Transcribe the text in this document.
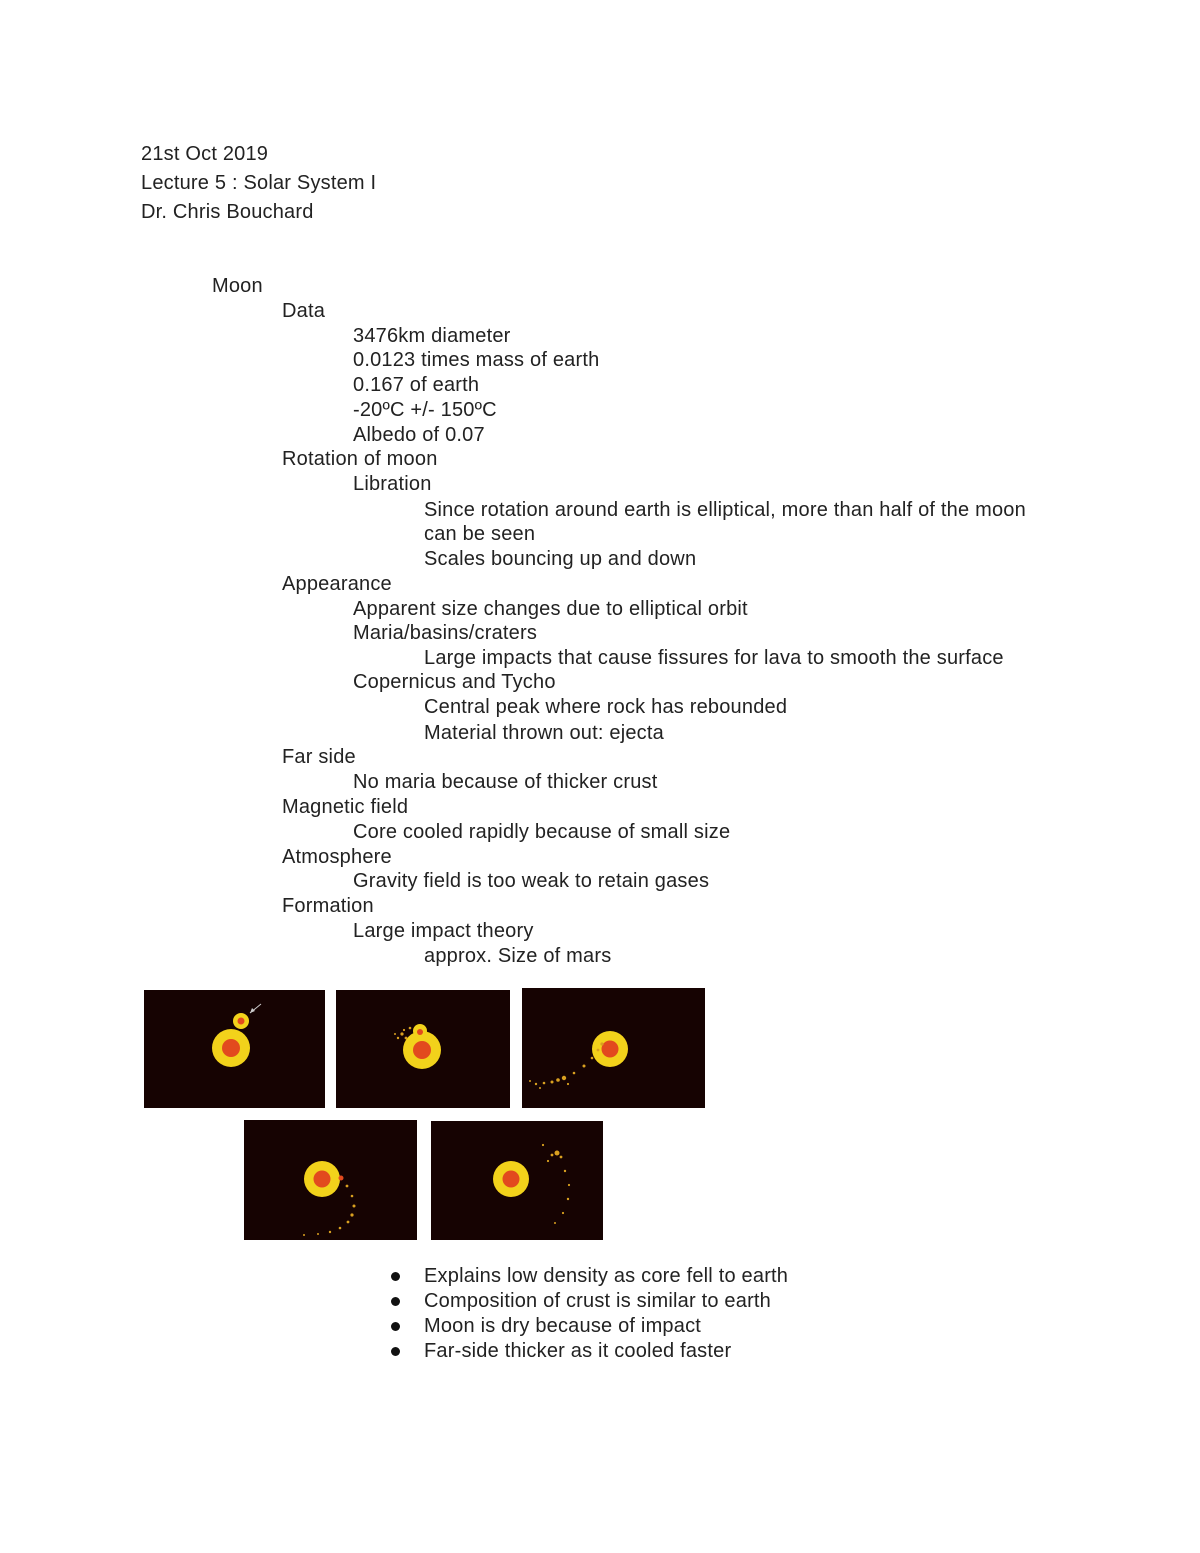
21st Oct 2019
Lecture 5 : Solar System I
Dr. Chris Bouchard
Moon
Data
3476km diameter
0.0123 times mass of earth
0.167 of earth
-20ºC +/- 150ºC
Albedo of 0.07
Rotation of moon
Libration
Since rotation around earth is elliptical, more than half of the moon
can be seen
Scales bouncing up and down
Appearance
Apparent size changes due to elliptical orbit
Maria/basins/craters
Large impacts that cause fissures for lava to smooth the surface
Copernicus and Tycho
Central peak where rock has rebounded
Material thrown out: ejecta
Far side
No maria because of thicker crust
Magnetic field
Core cooled rapidly because of small size
Atmosphere
Gravity field is too weak to retain gases
Formation
Large impact theory
approx. Size of mars
Explains low density as core fell to earth
Composition of crust is similar to earth
Moon is dry because of impact
Far-side thicker as it cooled faster
